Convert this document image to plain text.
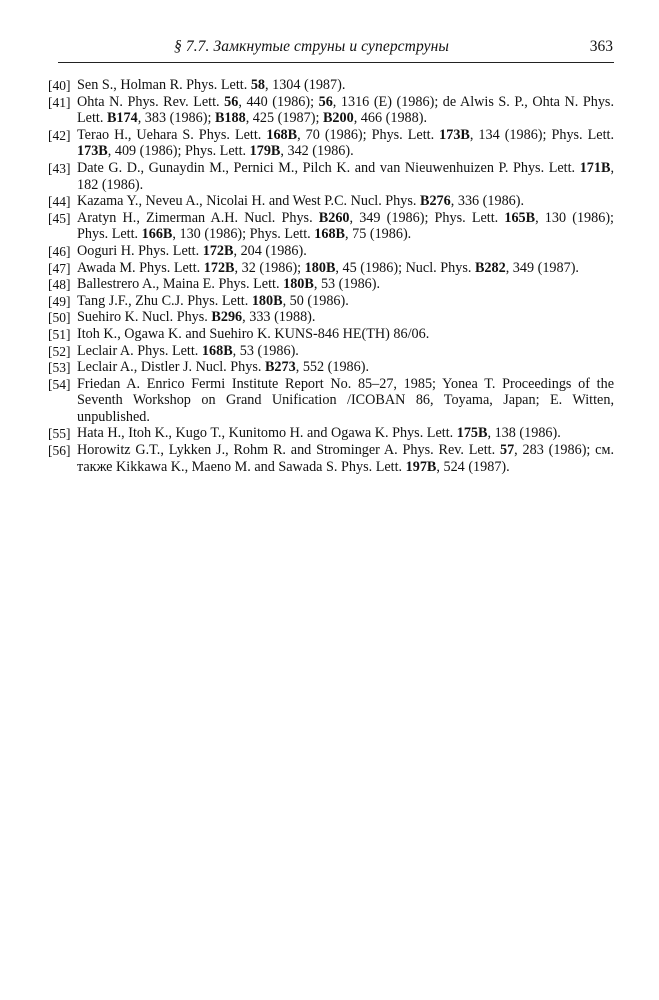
§ 7.7. Замкнутые струны и суперструны	363
[40] Sen S., Holman R. Phys. Lett. 58, 1304 (1987).
[41] Ohta N. Phys. Rev. Lett. 56, 440 (1986); 56, 1316 (E) (1986); de Alwis S. P., Ohta N. Phys. Lett. B174, 383 (1986); B188, 425 (1987); B200, 466 (1988).
[42] Terao H., Uehara S. Phys. Lett. 168B, 70 (1986); Phys. Lett. 173B, 134 (1986); Phys. Lett. 173B, 409 (1986); Phys. Lett. 179B, 342 (1986).
[43] Date G. D., Gunaydin M., Pernici M., Pilch K. and van Nieuwenhuizen P. Phys. Lett. 171B, 182 (1986).
[44] Kazama Y., Neveu A., Nicolai H. and West P.C. Nucl. Phys. B276, 336 (1986).
[45] Aratyn H., Zimerman A.H. Nucl. Phys. B260, 349 (1986); Phys. Lett. 165B, 130 (1986); Phys. Lett. 166B, 130 (1986); Phys. Lett. 168B, 75 (1986).
[46] Ooguri H. Phys. Lett. 172B, 204 (1986).
[47] Awada M. Phys. Lett. 172B, 32 (1986); 180B, 45 (1986); Nucl. Phys. B282, 349 (1987).
[48] Ballestrero A., Maina E. Phys. Lett. 180B, 53 (1986).
[49] Tang J.F., Zhu C.J. Phys. Lett. 180B, 50 (1986).
[50] Suehiro K. Nucl. Phys. B296, 333 (1988).
[51] Itoh K., Ogawa K. and Suehiro K. KUNS-846 HE(TH) 86/06.
[52] Leclair A. Phys. Lett. 168B, 53 (1986).
[53] Leclair A., Distler J. Nucl. Phys. B273, 552 (1986).
[54] Friedan A. Enrico Fermi Institute Report No. 85–27, 1985; Yonea T. Proceedings of the Seventh Workshop on Grand Unification /ICOBAN 86, Toyama, Japan; E. Witten, unpublished.
[55] Hata H., Itoh K., Kugo T., Kunitomo H. and Ogawa K. Phys. Lett. 175B, 138 (1986).
[56] Horowitz G.T., Lykken J., Rohm R. and Strominger A. Phys. Rev. Lett. 57, 283 (1986); см. также Kikkawa K., Maeno M. and Sawada S. Phys. Lett. 197B, 524 (1987).
